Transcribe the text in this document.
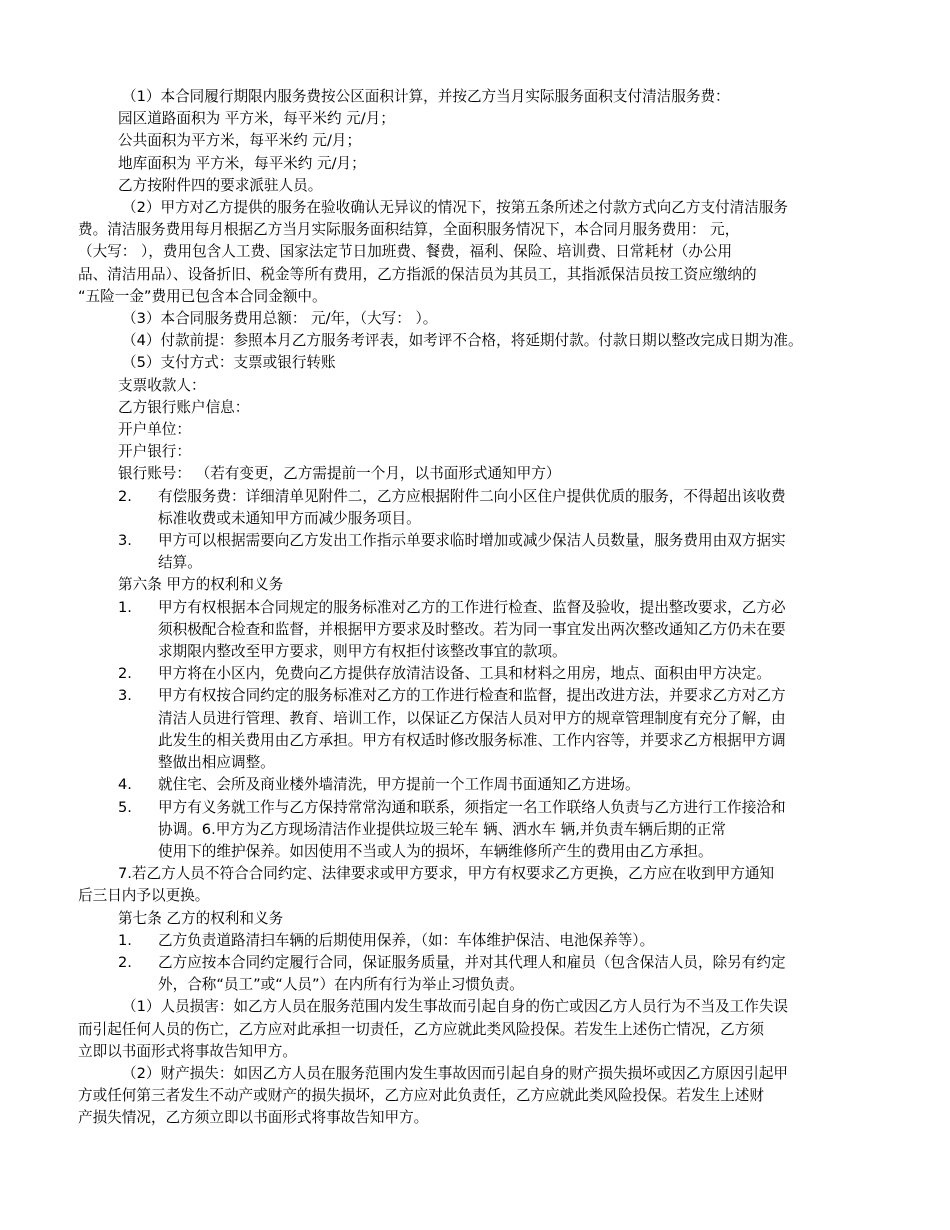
（1）本合同履行期限内服务费按公区面积计算，并按乙方当月实际服务面积支付清洁服务费：

园区道路面积为 平方米，每平米约 元/月；

公共面积为平方米，每平米约 元/月；

地库面积为 平方米，每平米约 元/月；

乙方按附件四的要求派驻人员。

（2）甲方对乙方提供的服务在验收确认无异议的情况下，按第五条所述之付款方式向乙方支付清洁服务

费。清洁服务费用每月根据乙方当月实际服务面积结算，全面积服务情况下，本合同月服务费用： 元，

（大写： ），费用包含人工费、国家法定节日加班费、餐费，福利、保险、培训费、日常耗材（办公用

品、清洁用品）、设备折旧、税金等所有费用，乙方指派的保洁员为其员工，其指派保洁员按工资应缴纳的

“五险一金”费用已包含本合同金额中。

（3）本合同服务费用总额： 元/年，（大写： ）。

（4）付款前提：参照本月乙方服务考评表，如考评不合格，将延期付款。付款日期以整改完成日期为准。

（5）支付方式：支票或银行转账

支票收款人：

乙方银行账户信息：

开户单位：

开户银行：

银行账号： （若有变更，乙方需提前一个月，以书面形式通知甲方）

2.	有偿服务费：详细清单见附件二，乙方应根据附件二向小区住户提供优质的服务，不得超出该收费
标准收费或未通知甲方而减少服务项目。
3.	甲方可以根据需要向乙方发出工作指示单要求临时增加或减少保洁人员数量，服务费用由双方据实
结算。

第六条 甲方的权利和义务

1.	甲方有权根据本合同规定的服务标准对乙方的工作进行检查、监督及验收，提出整改要求，乙方必
须积极配合检查和监督，并根据甲方要求及时整改。若为同一事宜发出两次整改通知乙方仍未在要
求期限内整改至甲方要求，则甲方有权拒付该整改事宜的款项。
2.	甲方将在小区内，免费向乙方提供存放清洁设备、工具和材料之用房，地点、面积由甲方决定。
3.	甲方有权按合同约定的服务标准对乙方的工作进行检查和监督，提出改进方法，并要求乙方对乙方
清洁人员进行管理、教育、培训工作，以保证乙方保洁人员对甲方的规章管理制度有充分了解，由
此发生的相关费用由乙方承担。甲方有权适时修改服务标准、工作内容等，并要求乙方根据甲方调
整做出相应调整。
4.	就住宅、会所及商业楼外墙清洗，甲方提前一个工作周书面通知乙方进场。
5.	甲方有义务就工作与乙方保持常常沟通和联系，须指定一名工作联络人负责与乙方进行工作接洽和
协调。6.甲方为乙方现场清洁作业提供垃圾三轮车 辆、洒水车 辆,并负责车辆后期的正常
使用下的维护保养。如因使用不当或人为的损坏，车辆维修所产生的费用由乙方承担。

7.若乙方人员不符合合同约定、法律要求或甲方要求，甲方有权要求乙方更换，乙方应在收到甲方通知

后三日内予以更换。

第七条 乙方的权利和义务

1.	乙方负责道路清扫车辆的后期使用保养，（如：车体维护保洁、电池保养等）。
2.	乙方应按本合同约定履行合同，保证服务质量，并对其代理人和雇员（包含保洁人员，除另有约定
外，合称“员工”或“人员”）在内所有行为举止习惯负责。

（1）人员损害：如乙方人员在服务范围内发生事故而引起自身的伤亡或因乙方人员行为不当及工作失误

而引起任何人员的伤亡，乙方应对此承担一切责任，乙方应就此类风险投保。若发生上述伤亡情况，乙方须

立即以书面形式将事故告知甲方。

（2）财产损失：如因乙方人员在服务范围内发生事故因而引起自身的财产损失损坏或因乙方原因引起甲

方或任何第三者发生不动产或财产的损失损坏，乙方应对此负责任，乙方应就此类风险投保。若发生上述财

产损失情况，乙方须立即以书面形式将事故告知甲方。
